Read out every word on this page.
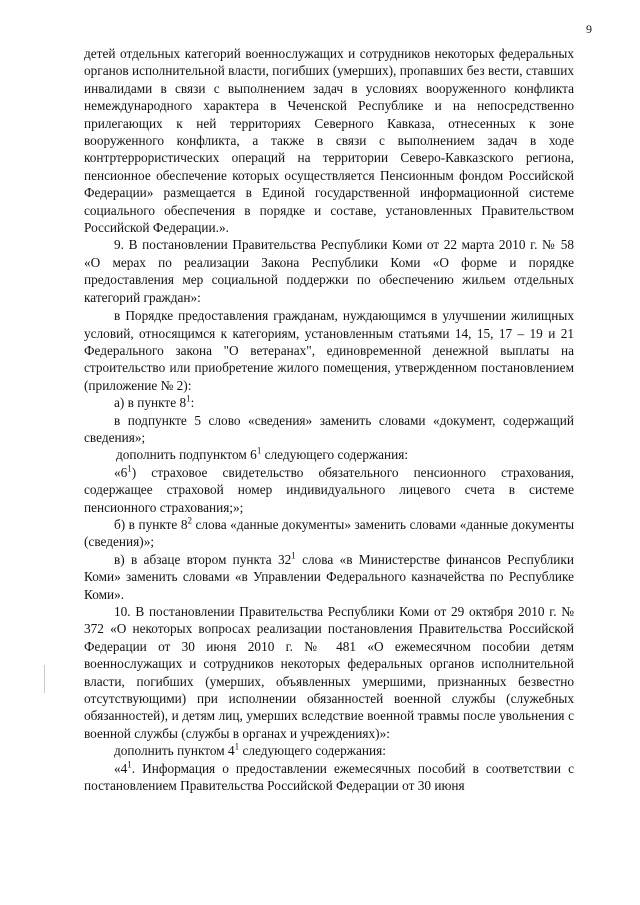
9

детей отдельных категорий военнослужащих и сотрудников некоторых федеральных органов исполнительной власти, погибших (умерших), пропавших без вести, ставших инвалидами в связи с выполнением задач в условиях вооруженного конфликта немеждународного характера в Чеченской Республике и на непосредственно прилегающих к ней территориях Северного Кавказа, отнесенных к зоне вооруженного конфликта, а также в связи с выполнением задач в ходе контртеррористических операций на территории Северо-Кавказского региона, пенсионное обеспечение которых осуществляется Пенсионным фондом Российской Федерации» размещается в Единой государственной информационной системе социального обеспечения в порядке и составе, установленных Правительством Российской Федерации.».

9. В постановлении Правительства Республики Коми от 22 марта 2010 г. № 58 «О мерах по реализации Закона Республики Коми «О форме и порядке предоставления мер социальной поддержки по обеспечению жильем отдельных категорий граждан»:

в Порядке предоставления гражданам, нуждающимся в улучшении жилищных условий, относящимся к категориям, установленным статьями 14, 15, 17 – 19 и 21 Федерального закона "О ветеранах", единовременной денежной выплаты на строительство или приобретение жилого помещения, утвержденном постановлением (приложение № 2):

а) в пункте $8^1$:

в подпункте 5 слово «сведения» заменить словами «документ, содержащий сведения»;

дополнить подпунктом $6^1$ следующего содержания:

«$6^1$) страховое свидетельство обязательного пенсионного страхования, содержащее страховой номер индивидуального лицевого счета в системе пенсионного страхования;»;

б) в пункте $8^2$ слова «данные документы» заменить словами «данные документы (сведения)»;

в) в абзаце втором пункта $32^1$ слова «в Министерстве финансов Республики Коми» заменить словами «в Управлении Федерального казначейства по Республике Коми».

10. В постановлении Правительства Республики Коми от 29 октября 2010 г. № 372 «О некоторых вопросах реализации постановления Правительства Российской Федерации от 30 июня 2010 г. № 481 «О ежемесячном пособии детям военнослужащих и сотрудников некоторых федеральных органов исполнительной власти, погибших (умерших, объявленных умершими, признанных безвестно отсутствующими) при исполнении обязанностей военной службы (служебных обязанностей), и детям лиц, умерших вследствие военной травмы после увольнения с военной службы (службы в органах и учреждениях)»:

дополнить пунктом $4^1$ следующего содержания:

«$4^1$. Информация о предоставлении ежемесячных пособий в соответствии с постановлением Правительства Российской Федерации от 30 июня
